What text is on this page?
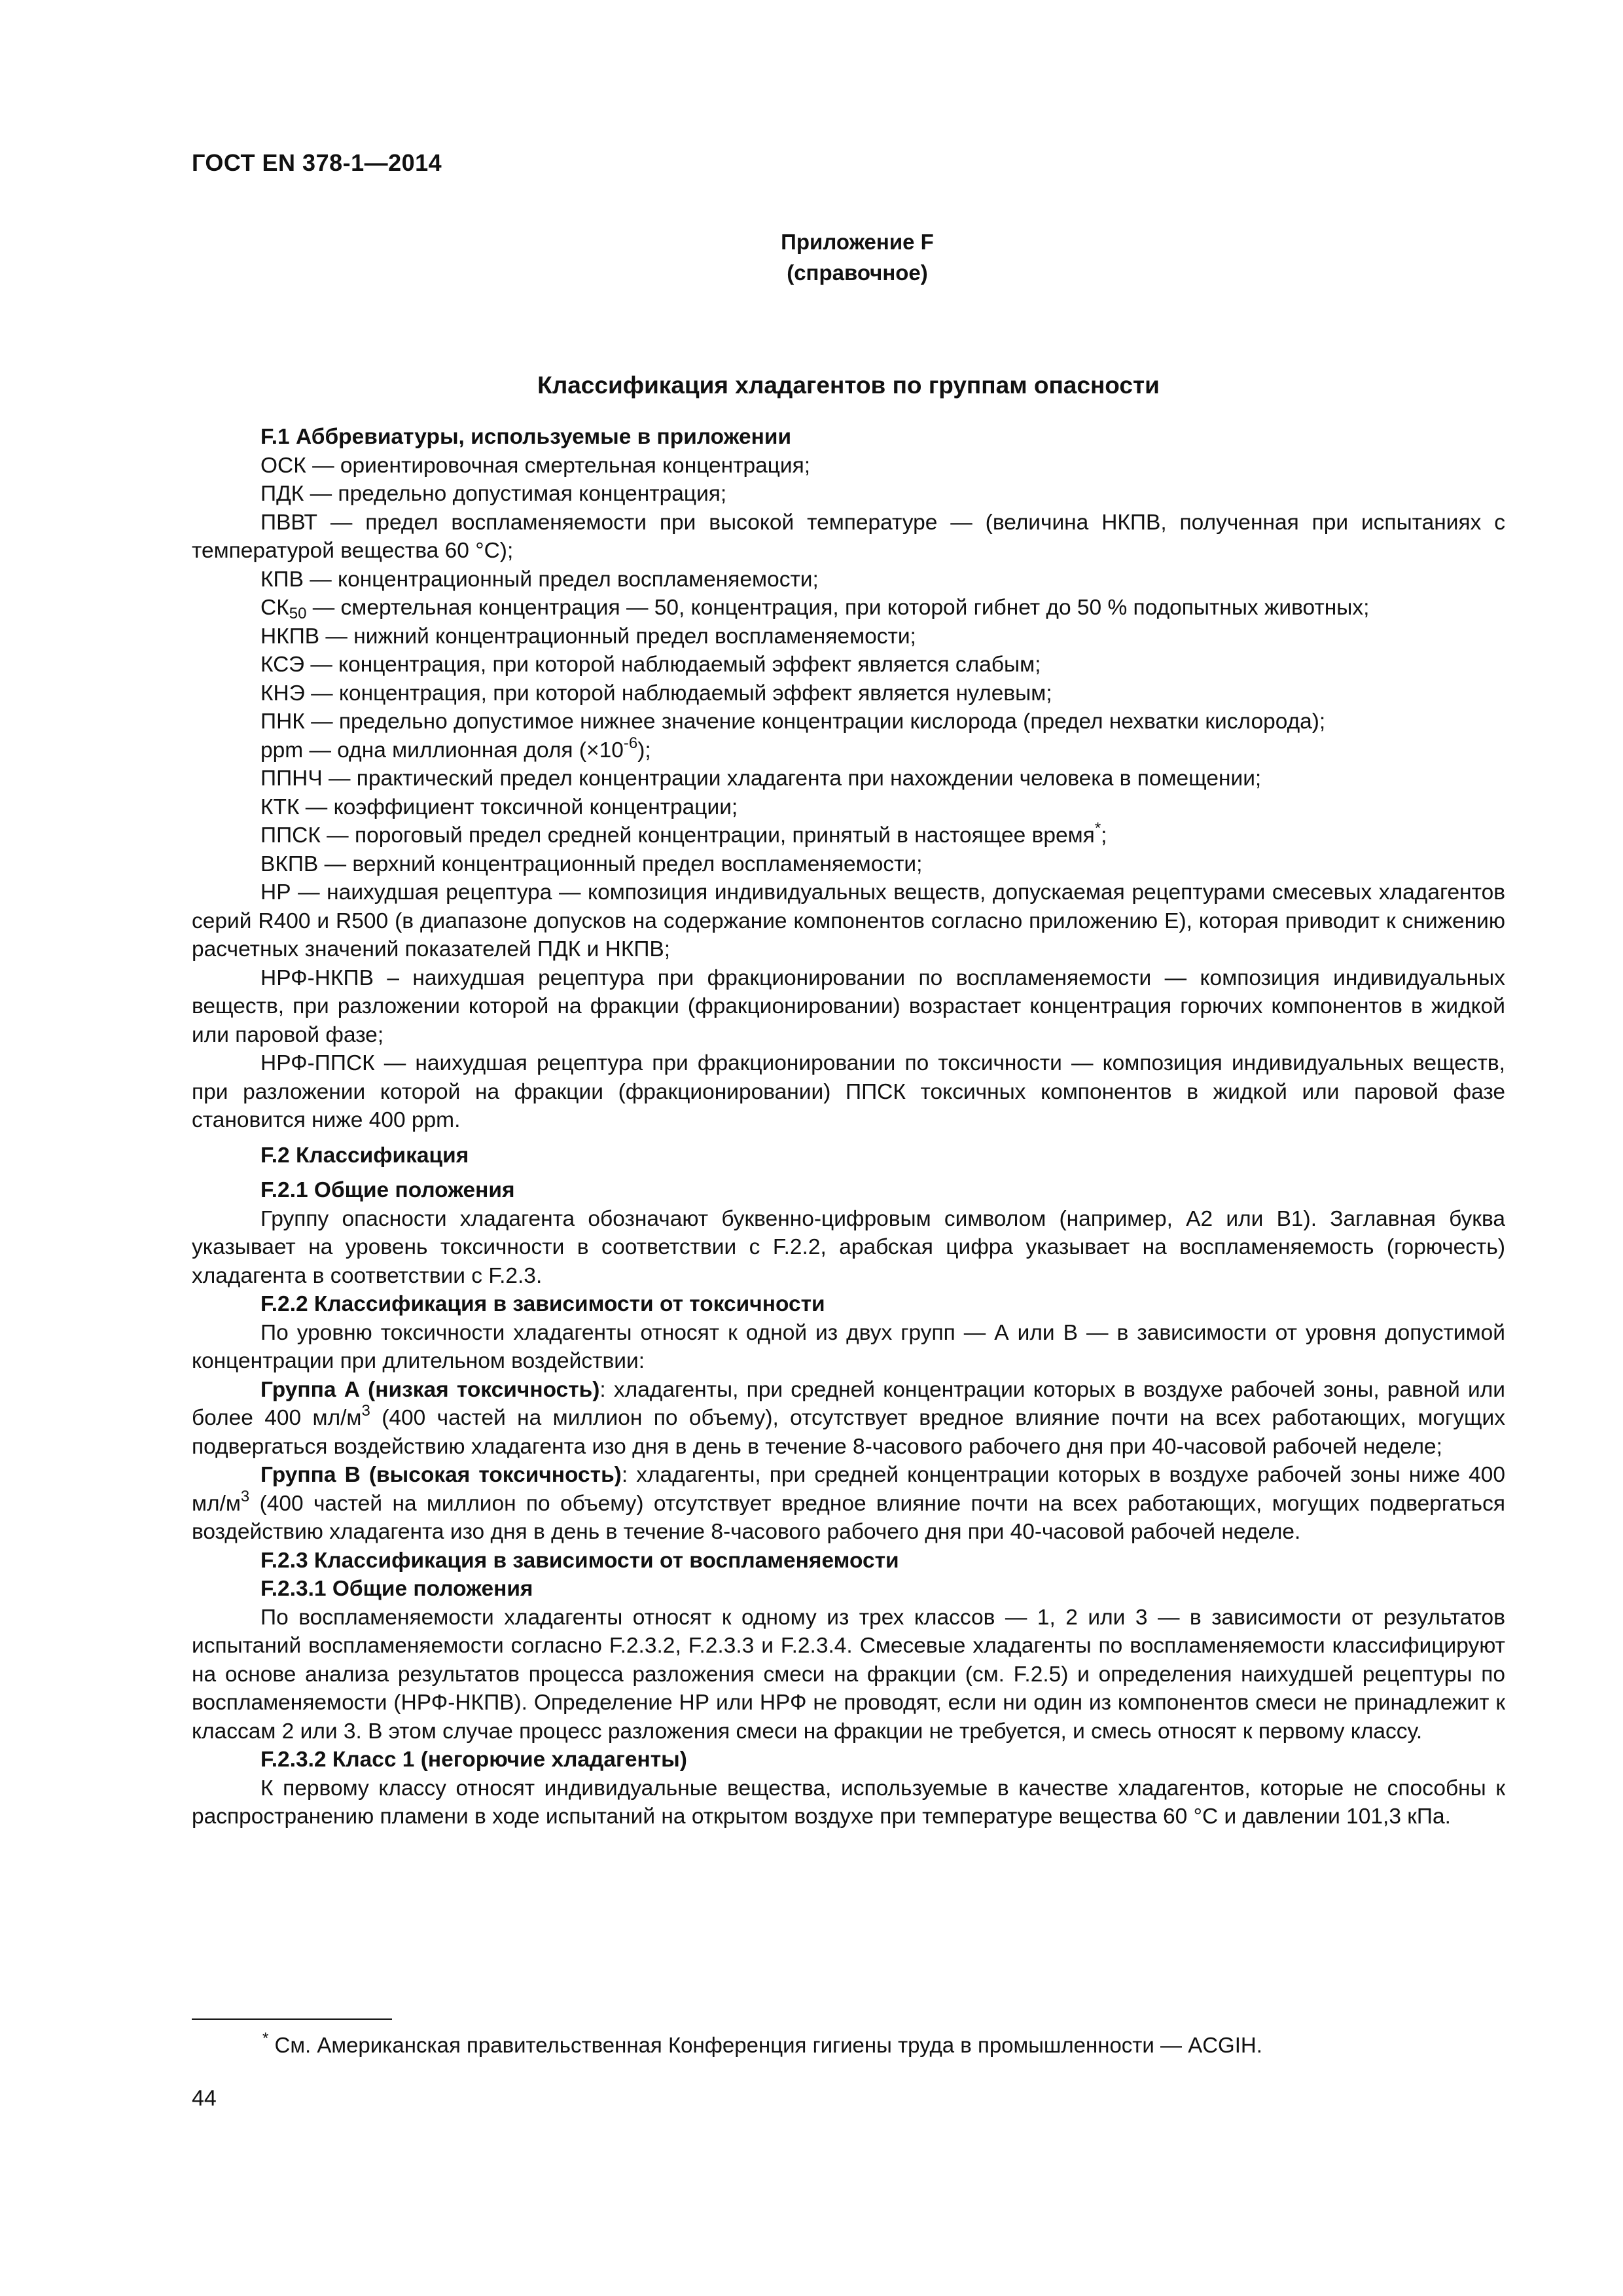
ГОСТ EN 378-1—2014
Приложение F
(справочное)
Классификация хладагентов по группам опасности

F.1 Аббревиатуры, используемые в приложении

ОСК — ориентировочная смертельная концентрация;

ПДК — предельно допустимая концентрация;

ПВВТ — предел воспламеняемости при высокой температуре — (величина НКПВ, полученная при испытаниях с температурой вещества 60 °С);

КПВ — концентрационный предел воспламеняемости;

$СК_{50}$ — смертельная концентрация — 50, концентрация, при которой гибнет до 50 % подопытных животных;

НКПВ — нижний концентрационный предел воспламеняемости;

КСЭ — концентрация, при которой наблюдаемый эффект является слабым;

КНЭ — концентрация, при которой наблюдаемый эффект является нулевым;

ПНК — предельно допустимое нижнее значение концентрации кислорода (предел нехватки кислорода);

ppm — одна миллионная доля $(\times 10^{-6})$;

ППНЧ — практический предел концентрации хладагента при нахождении человека в помещении;

КТК — коэффициент токсичной концентрации;

ППСК — пороговый предел средней концентрации, принятый в настоящее время*;

ВКПВ — верхний концентрационный предел воспламеняемости;

НР — наихудшая рецептура — композиция индивидуальных веществ, допускаемая рецептурами смесевых хладагентов серий R400 и R500 (в диапазоне допусков на содержание компонентов согласно приложению Е), которая приводит к снижению расчетных значений показателей ПДК и НКПВ;

НРФ-НКПВ – наихудшая рецептура при фракционировании по воспламеняемости — композиция индивидуальных веществ, при разложении которой на фракции (фракционировании) возрастает концентрация горючих компонентов в жидкой или паровой фазе;

НРФ-ППСК — наихудшая рецептура при фракционировании по токсичности — композиция индивидуальных веществ, при разложении которой на фракции (фракционировании) ППСК токсичных компонентов в жидкой или паровой фазе становится ниже 400 ppm.

F.2 Классификация

F.2.1 Общие положения

Группу опасности хладагента обозначают буквенно-цифровым символом (например, А2 или В1). Заглавная буква указывает на уровень токсичности в соответствии с F.2.2, арабская цифра указывает на воспламеняемость (горючесть) хладагента в соответствии с F.2.3.

F.2.2 Классификация в зависимости от токсичности

По уровню токсичности хладагенты относят к одной из двух групп — А или В — в зависимости от уровня допустимой концентрации при длительном воздействии:

Группа А (низкая токсичность): хладагенты, при средней концентрации которых в воздухе рабочей зоны, равной или более 400 $мл/м^3$ (400 частей на миллион по объему), отсутствует вредное влияние почти на всех работающих, могущих подвергаться воздействию хладагента изо дня в день в течение 8-часового рабочего дня при 40-часовой рабочей неделе;

Группа В (высокая токсичность): хладагенты, при средней концентрации которых в воздухе рабочей зоны ниже 400 $мл/м^3$ (400 частей на миллион по объему) отсутствует вредное влияние почти на всех работающих, могущих подвергаться воздействию хладагента изо дня в день в течение 8-часового рабочего дня при 40-часовой рабочей неделе.

F.2.3 Классификация в зависимости от воспламеняемости

F.2.3.1 Общие положения

По воспламеняемости хладагенты относят к одному из трех классов — 1, 2 или 3 — в зависимости от результатов испытаний воспламеняемости согласно F.2.3.2, F.2.3.3 и F.2.3.4. Смесевые хладагенты по воспламеняемости классифицируют на основе анализа результатов процесса разложения смеси на фракции (см. F.2.5) и определения наихудшей рецептуры по воспламеняемости (НРФ-НКПВ). Определение НР или НРФ не проводят, если ни один из компонентов смеси не принадлежит к классам 2 или 3. В этом случае процесс разложения смеси на фракции не требуется, и смесь относят к первому классу.

F.2.3.2 Класс 1 (негорючие хладагенты)

К первому классу относят индивидуальные вещества, используемые в качестве хладагентов, которые не способны к распространению пламени в ходе испытаний на открытом воздухе при температуре вещества 60 °С и давлении 101,3 кПа.

* См. Американская правительственная Конференция гигиены труда в промышленности — ACGIH.
44
